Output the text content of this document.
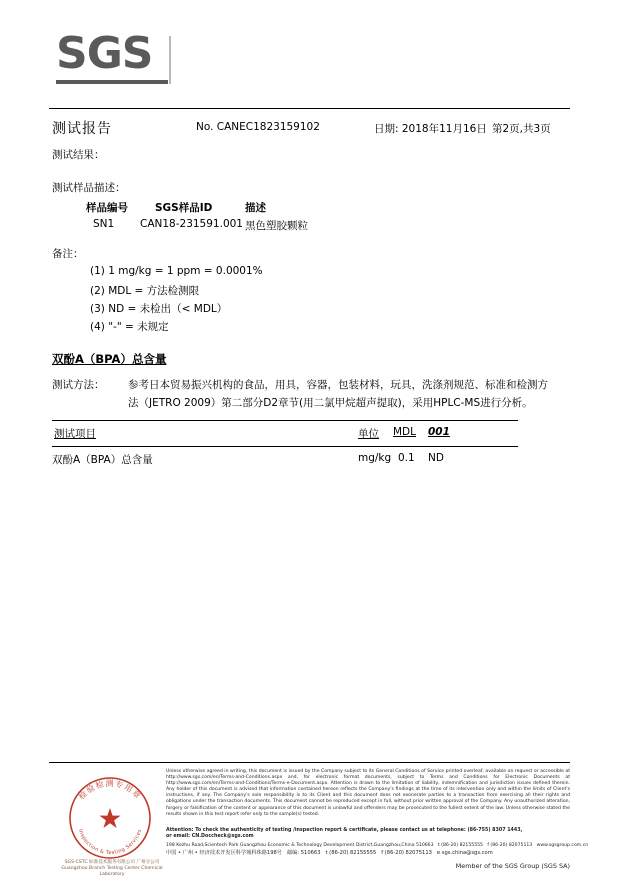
SGS
测试报告	No. CANEC1823159102	日期: 2018年11月16日 第2页,共3页
测试结果：
测试样品描述：
样品编号	SGS样品ID	描述
SN1 CAN18-231591.001 黑色塑胶颗粒
备注：
(1) 1 mg/kg = 1 ppm = 0.0001%
(2) MDL = 方法检测限
(3) ND = 未检出（< MDL）
(4) "-" = 未规定
双酚A（BPA）总含量
测试方法： 参考日本贸易振兴机构的食品，用具，容器，包装材料，玩具，洗涤剂规范、标准和检测方
法（JETRO 2009）第二部分D2章节(用二氯甲烷超声提取)，采用HPLC-MS进行分析。
测试项目	单位 MDL 001
双酚A（BPA）总含量	mg/kg 0.1 ND
检验检测专用章
Inspection & Testing Services
SGS-CSTC 标准技术服务有限公司 广州分公司
Guangzhou Branch Testing Center Chemical Laboratory
Unless otherwise agreed in writing, this document is issued by the Company subject to its General Conditions of Service printed overleaf, available on request or accessible at http://www.sgs.com/en/Terms-and-Conditions.aspx and, for electronic format documents, subject to Terms and Conditions for Electronic Documents at http://www.sgs.com/en/Terms-and-Conditions/Terms-e-Document.aspx. Attention is drawn to the limitation of liability, indemnification and jurisdiction issues defined therein. Any holder of this document is advised that information contained hereon reflects the Company's findings at the time of its intervention only and within the limits of Client's instructions, if any. The Company's sole responsibility is to its Client and this document does not exonerate parties to a transaction from exercising all their rights and obligations under the transaction documents. This document cannot be reproduced except in full, without prior written approval of the Company. Any unauthorized alteration, forgery or falsification of the content or appearance of this document is unlawful and offenders may be prosecuted to the fullest extent of the law. Unless otherwise stated the results shown in this test report refer only to the sample(s) tested.
Attention: To check the authenticity of testing /inspection report & certificate, please contact us at telephone: (86-755) 8307 1443,
or email: CN.Doccheck@sgs.com
198 Kezhu Road,Scientech Park Guangzhou Economic & Technology Development District,Guangzhou,China 510663 t (86-20) 82155555 f (86-20) 82075113 www.sgsgroup.com.cn
中国 • 广州 • 经济技术开发区科学城科珠路198号 邮编: 510663 t (86-20) 82155555 f (86-20) 82075113 e sgs.china@sgs.com
Member of the SGS Group (SGS SA)
